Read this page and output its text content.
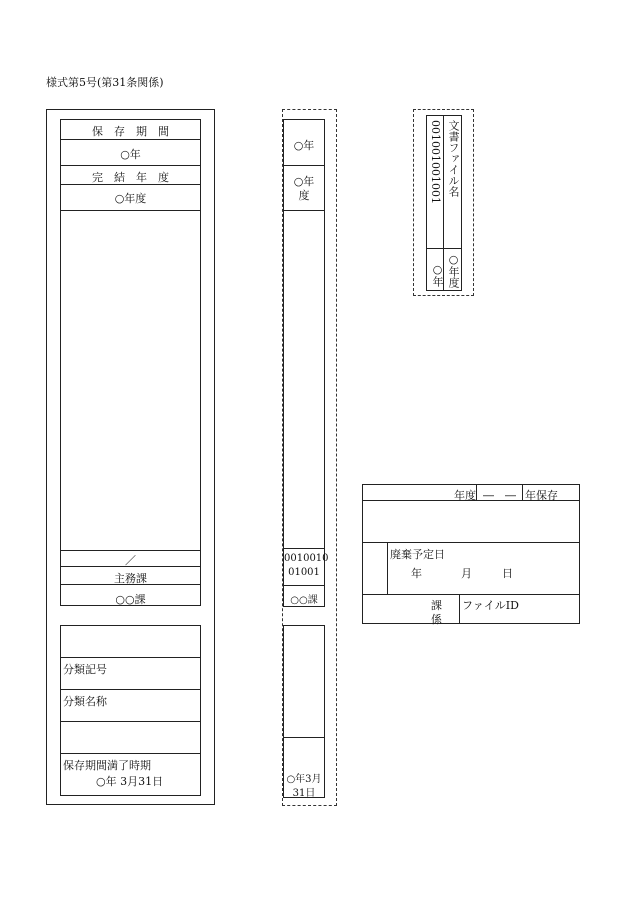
様式第5号(第31条関係)
保　存　期　間
○年
完　結　年　度
○年度
／
主務課
○○課
分類記号
分類名称
保存期間満了時期
○年 3月31日
○年
○年
度
0010010
01001
○○課
○年3月
31日
文書ファイル名
001001001001
○年度
○年
年度 ―　― 年保存
廃棄予定日
年	月	日
課
係
ファイルID
